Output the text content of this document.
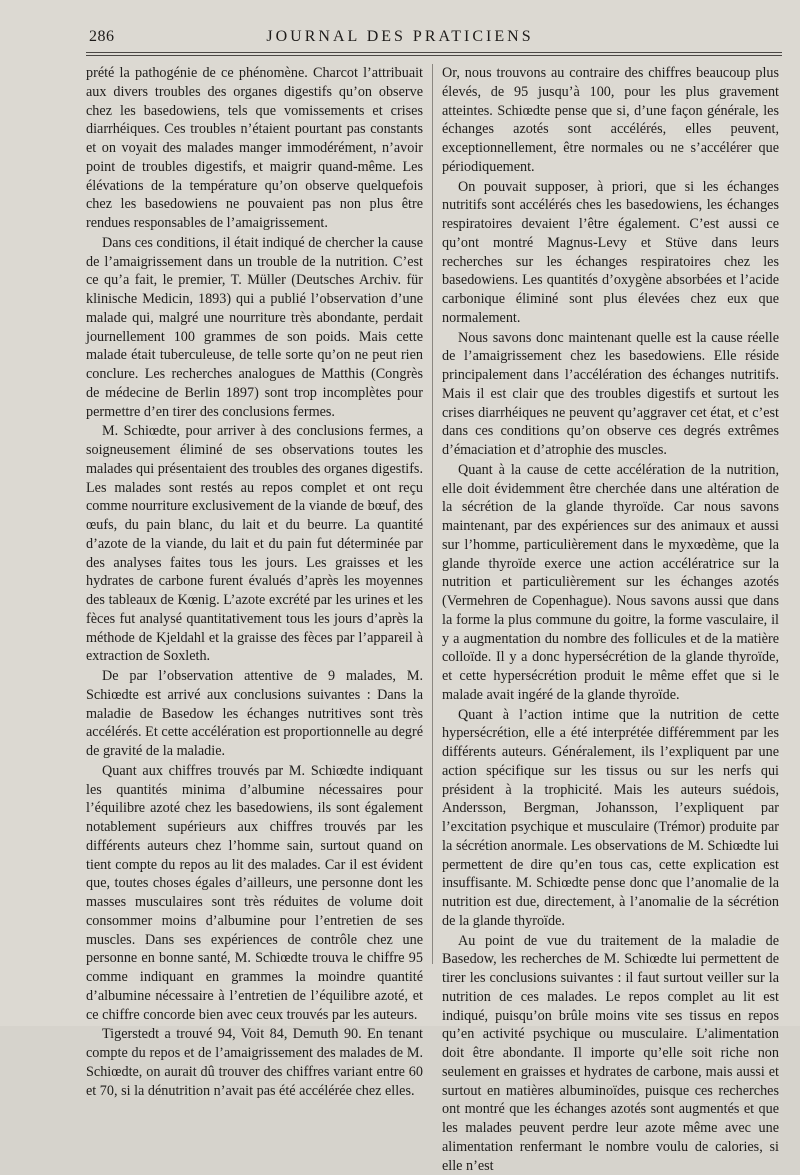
286	JOURNAL DES PRATICIENS

prété la pathogénie de ce phénomène. Charcot l’attribuait aux divers troubles des organes digestifs qu’on observe chez les basedowiens, tels que vomissements et crises diarrhéiques. Ces troubles n’étaient pourtant pas constants et on voyait des malades manger immodérément, n’avoir point de troubles digestifs, et maigrir quand-même. Les élévations de la température qu’on observe quelquefois chez les basedowiens ne pouvaient pas non plus être rendues responsables de l’amaigrissement.

Dans ces conditions, il était indiqué de chercher la cause de l’amaigrissement dans un trouble de la nutrition. C’est ce qu’a fait, le premier, T. Müller (Deutsches Archiv. für klinische Medicin, 1893) qui a publié l’observation d’une malade qui, malgré une nourriture très abondante, perdait journellement 100 grammes de son poids. Mais cette malade était tuberculeuse, de telle sorte qu’on ne peut rien conclure. Les recherches analogues de Matthis (Congrès de médecine de Berlin 1897) sont trop incomplètes pour permettre d’en tirer des conclusions fermes.

M. Schiœdte, pour arriver à des conclusions fermes, a soigneusement éliminé de ses observations toutes les malades qui présentaient des troubles des organes digestifs. Les malades sont restés au repos complet et ont reçu comme nourriture exclusivement de la viande de bœuf, des œufs, du pain blanc, du lait et du beurre. La quantité d’azote de la viande, du lait et du pain fut déterminée par des analyses faites tous les jours. Les graisses et les hydrates de carbone furent évalués d’après les moyennes des tableaux de Kœnig. L’azote excrété par les urines et les fèces fut analysé quantitativement tous les jours d’après la méthode de Kjeldahl et la graisse des fèces par l’appareil à extraction de Soxleth.

De par l’observation attentive de 9 malades, M. Schiœdte est arrivé aux conclusions suivantes : Dans la maladie de Basedow les échanges nutritives sont très accélérés. Et cette accélération est proportionnelle au degré de gravité de la maladie.

Quant aux chiffres trouvés par M. Schiœdte indiquant les quantités minima d’albumine nécessaires pour l’équilibre azoté chez les basedowiens, ils sont également notablement supérieurs aux chiffres trouvés par les différents auteurs chez l’homme sain, surtout quand on tient compte du repos au lit des malades. Car il est évident que, toutes choses égales d’ailleurs, une personne dont les masses musculaires sont très réduites de volume doit consommer moins d’albumine pour l’entretien de ses muscles. Dans ses expériences de contrôle chez une personne en bonne santé, M. Schiœdte trouva le chiffre 95 comme indiquant en grammes la moindre quantité d’albumine nécessaire à l’entretien de l’équilibre azoté, et ce chiffre concorde bien avec ceux trouvés par les auteurs.

Tigerstedt a trouvé 94, Voit 84, Demuth 90. En tenant compte du repos et de l’amaigrissement des malades de M. Schiœdte, on aurait dû trouver des chiffres variant entre 60 et 70, si la dénutrition n’avait pas été accélérée chez elles.

Or, nous trouvons au contraire des chiffres beaucoup plus élevés, de 95 jusqu’à 100, pour les plus gravement atteintes. Schiœdte pense que si, d’une façon générale, les échanges azotés sont accélérés, elles peuvent, exceptionnellement, être normales ou ne s’accélérer que périodiquement.

On pouvait supposer, à priori, que si les échanges nutritifs sont accélérés ches les basedowiens, les échanges respiratoires devaient l’être également. C’est aussi ce qu’ont montré Magnus-Levy et Stüve dans leurs recherches sur les échanges respiratoires chez les basedowiens. Les quantités d’oxygène absorbées et l’acide carbonique éliminé sont plus élevées chez eux que normalement.

Nous savons donc maintenant quelle est la cause réelle de l’amaigrissement chez les basedowiens. Elle réside principalement dans l’accélération des échanges nutritifs. Mais il est clair que des troubles digestifs et surtout les crises diarrhéiques ne peuvent qu’aggraver cet état, et c’est dans ces conditions qu’on observe ces degrés extrêmes d’émaciation et d’atrophie des muscles.

Quant à la cause de cette accélération de la nutrition, elle doit évidemment être cherchée dans une altération de la sécrétion de la glande thyroïde. Car nous savons maintenant, par des expériences sur des animaux et aussi sur l’homme, particulièrement dans le myxœdème, que la glande thyroïde exerce une action accélératrice sur la nutrition et particulièrement sur les échanges azotés (Vermehren de Copenhague). Nous savons aussi que dans la forme la plus commune du goitre, la forme vasculaire, il y a augmentation du nombre des follicules et de la matière colloïde. Il y a donc hypersécrétion de la glande thyroïde, et cette hypersécrétion produit le même effet que si le malade avait ingéré de la glande thyroïde.

Quant à l’action intime que la nutrition de cette hypersécrétion, elle a été interprétée différemment par les différents auteurs. Généralement, ils l’expliquent par une action spécifique sur les tissus ou sur les nerfs qui président à la trophicité. Mais les auteurs suédois, Andersson, Bergman, Johansson, l’expliquent par l’excitation psychique et musculaire (Trémor) produite par la sécrétion anormale. Les observations de M. Schiœdte lui permettent de dire qu’en tous cas, cette explication est insuffisante. M. Schiœdte pense donc que l’anomalie de la nutrition est due, directement, à l’anomalie de la sécrétion de la glande thyroïde.

Au point de vue du traitement de la maladie de Basedow, les recherches de M. Schiœdte lui permettent de tirer les conclusions suivantes : il faut surtout veiller sur la nutrition de ces malades. Le repos complet au lit est indiqué, puisqu’on brûle moins vite ses tissus en repos qu’en activité psychique ou musculaire. L’alimentation doit être abondante. Il importe qu’elle soit riche non seulement en graisses et hydrates de carbone, mais aussi et surtout en matières albuminoïdes, puisque ces recherches ont montré que les échanges azotés sont augmentés et que les malades peuvent perdre leur azote même avec une alimentation renfermant le nombre voulu de calories, si elle n’est
